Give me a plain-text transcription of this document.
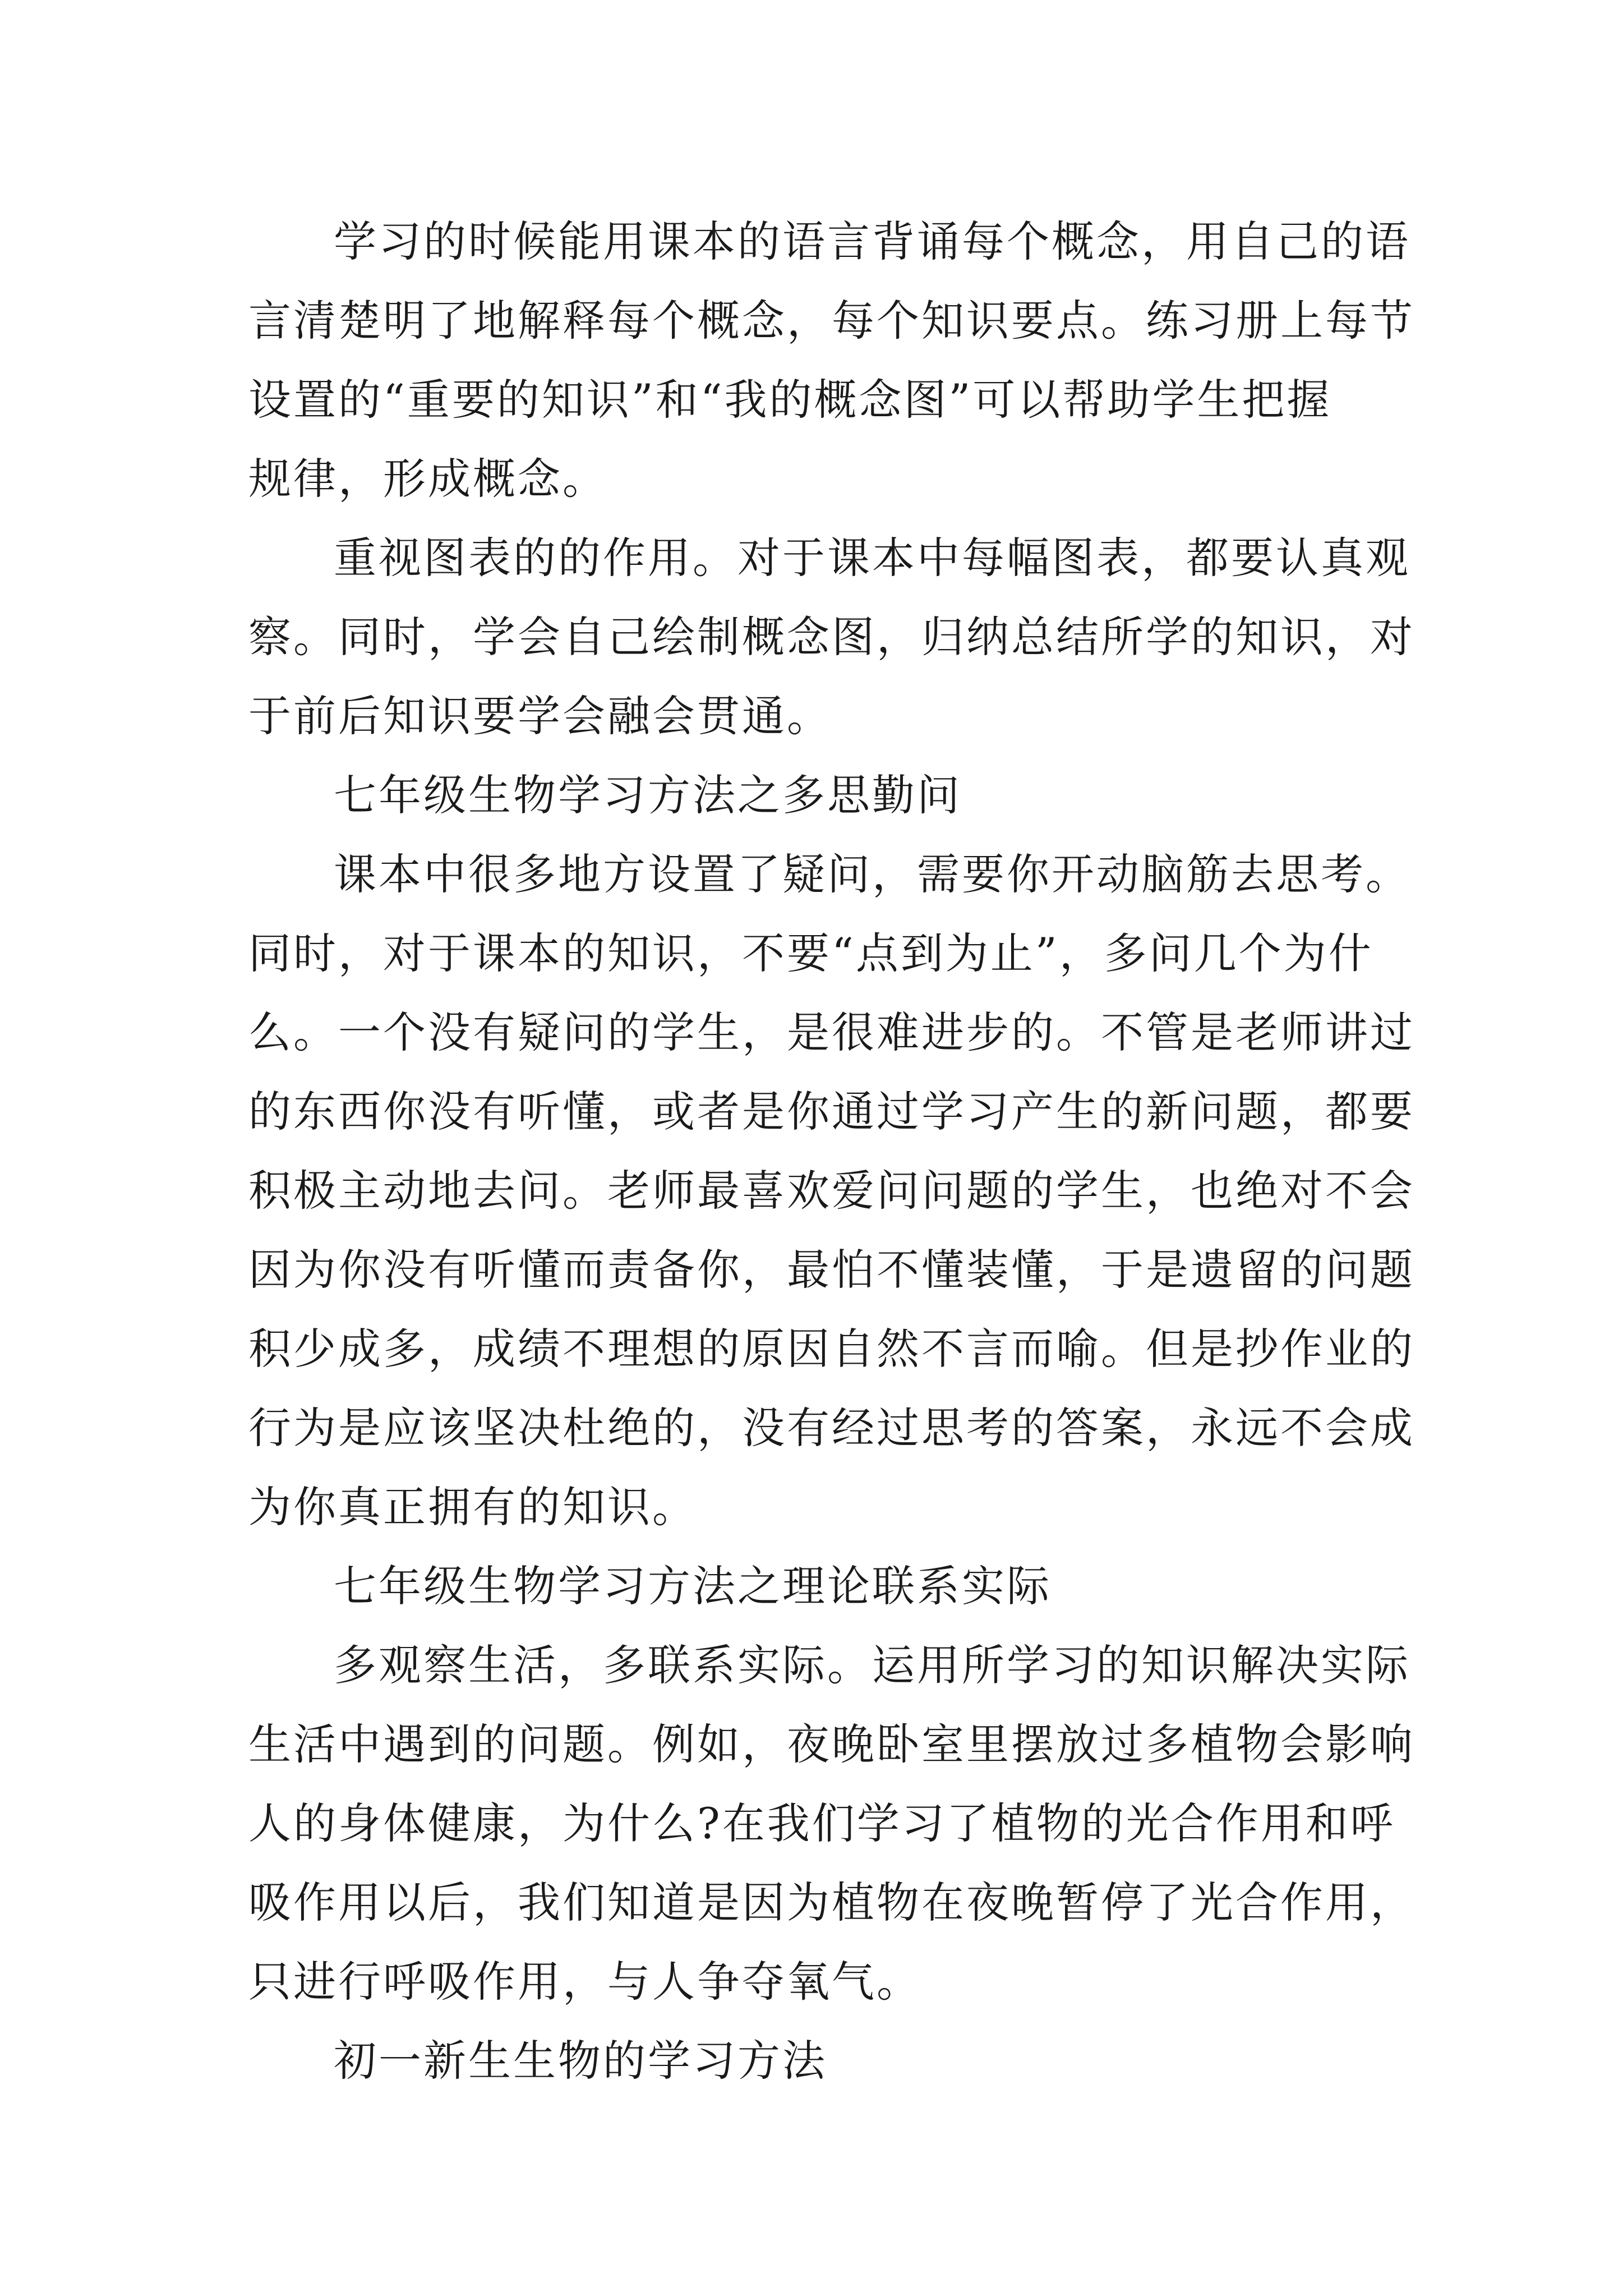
学习的时候能用课本的语言背诵每个概念，用自己的语
言清楚明了地解释每个概念，每个知识要点。练习册上每节
设置的“重要的知识”和“我的概念图”可以帮助学生把握
规律，形成概念。
重视图表的的作用。对于课本中每幅图表，都要认真观
察。同时，学会自己绘制概念图，归纳总结所学的知识，对
于前后知识要学会融会贯通。
七年级生物学习方法之多思勤问
课本中很多地方设置了疑问，需要你开动脑筋去思考。
同时，对于课本的知识，不要“点到为止”，多问几个为什
么。一个没有疑问的学生，是很难进步的。不管是老师讲过
的东西你没有听懂，或者是你通过学习产生的新问题，都要
积极主动地去问。老师最喜欢爱问问题的学生，也绝对不会
因为你没有听懂而责备你，最怕不懂装懂，于是遗留的问题
积少成多，成绩不理想的原因自然不言而喻。但是抄作业的
行为是应该坚决杜绝的，没有经过思考的答案，永远不会成
为你真正拥有的知识。
七年级生物学习方法之理论联系实际
多观察生活，多联系实际。运用所学习的知识解决实际
生活中遇到的问题。例如，夜晚卧室里摆放过多植物会影响
人的身体健康，为什么?在我们学习了植物的光合作用和呼
吸作用以后，我们知道是因为植物在夜晚暂停了光合作用，
只进行呼吸作用，与人争夺氧气。
初一新生生物的学习方法
